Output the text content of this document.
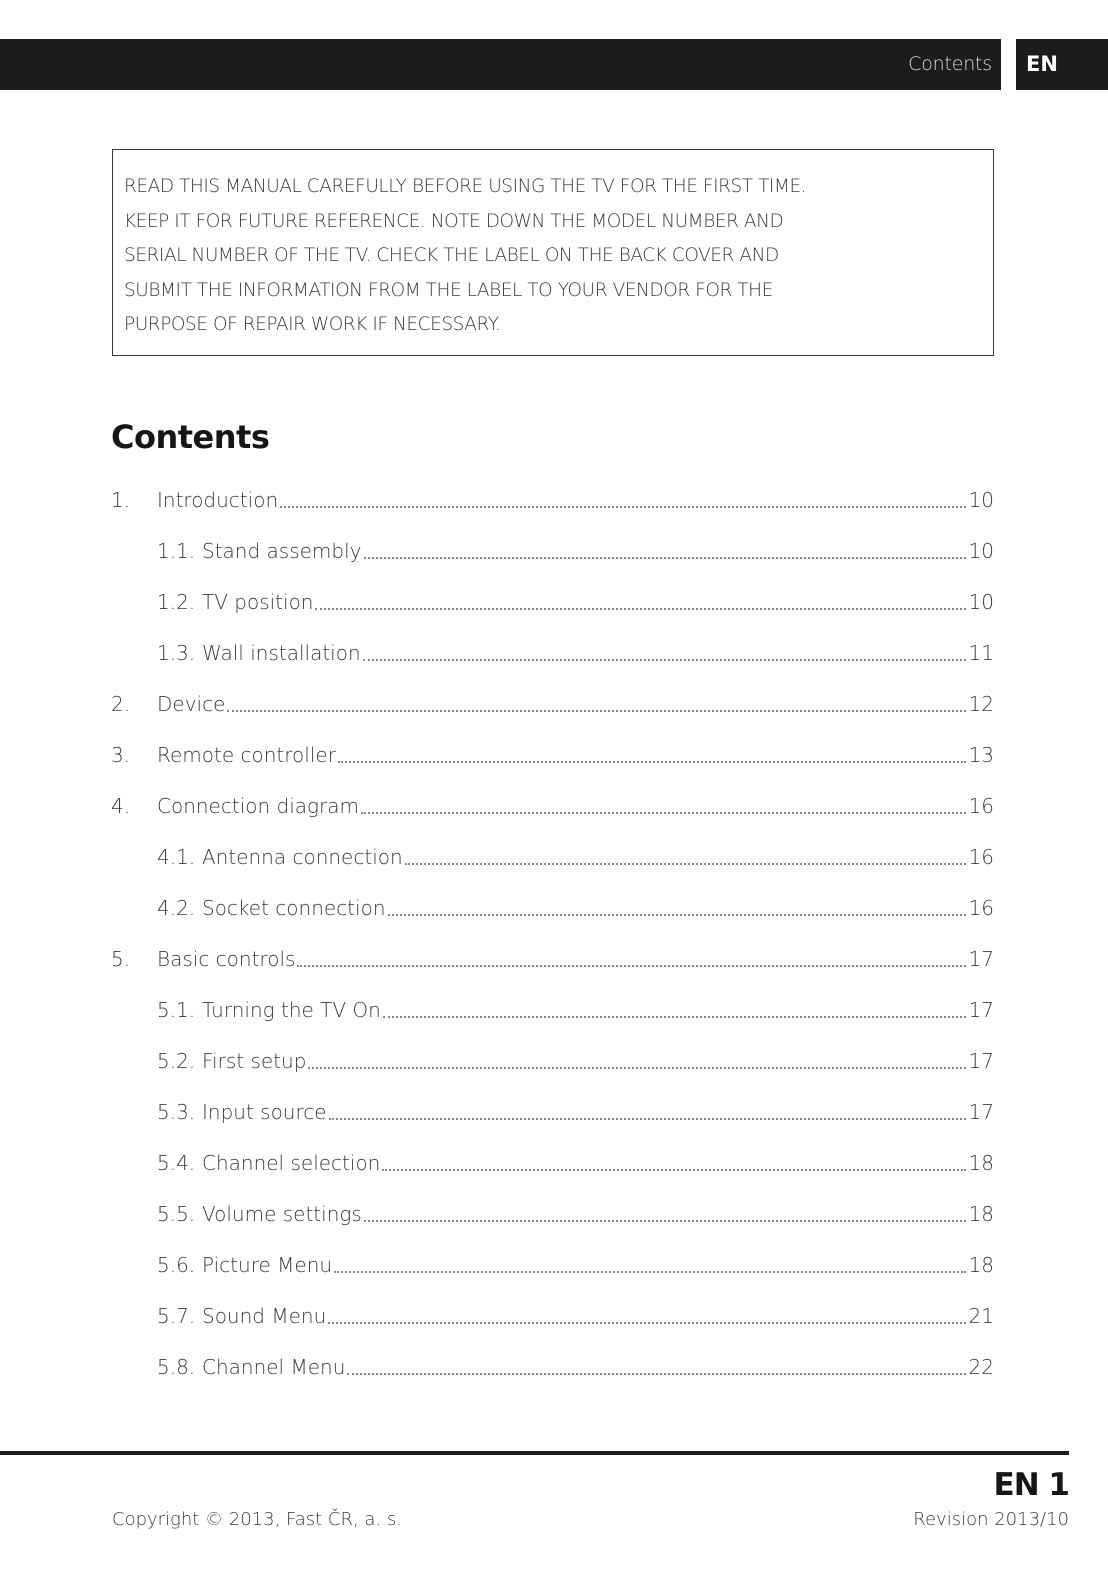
Contents EN
READ THIS MANUAL CAREFULLY BEFORE USING THE TV FOR THE FIRST TIME.
KEEP IT FOR FUTURE REFERENCE. NOTE DOWN THE MODEL NUMBER AND
SERIAL NUMBER OF THE TV. CHECK THE LABEL ON THE BACK COVER AND
SUBMIT THE INFORMATION FROM THE LABEL TO YOUR VENDOR FOR THE
PURPOSE OF REPAIR WORK IF NECESSARY.
Contents
1.	Introduction	10
1.1. Stand assembly	10
1.2. TV position	10
1.3. Wall installation	11
2.	Device	12
3.	Remote controller	13
4.	Connection diagram	16
4.1. Antenna connection	16
4.2. Socket connection	16
5.	Basic controls	17
5.1. Turning the TV On	17
5.2. First setup	17
5.3. Input source	17
5.4. Channel selection	18
5.5. Volume settings	18
5.6. Picture Menu	18
5.7. Sound Menu	21
5.8. Channel Menu	22
EN 1
Copyright © 2013, Fast ČR, a. s.	Revision 2013/10
